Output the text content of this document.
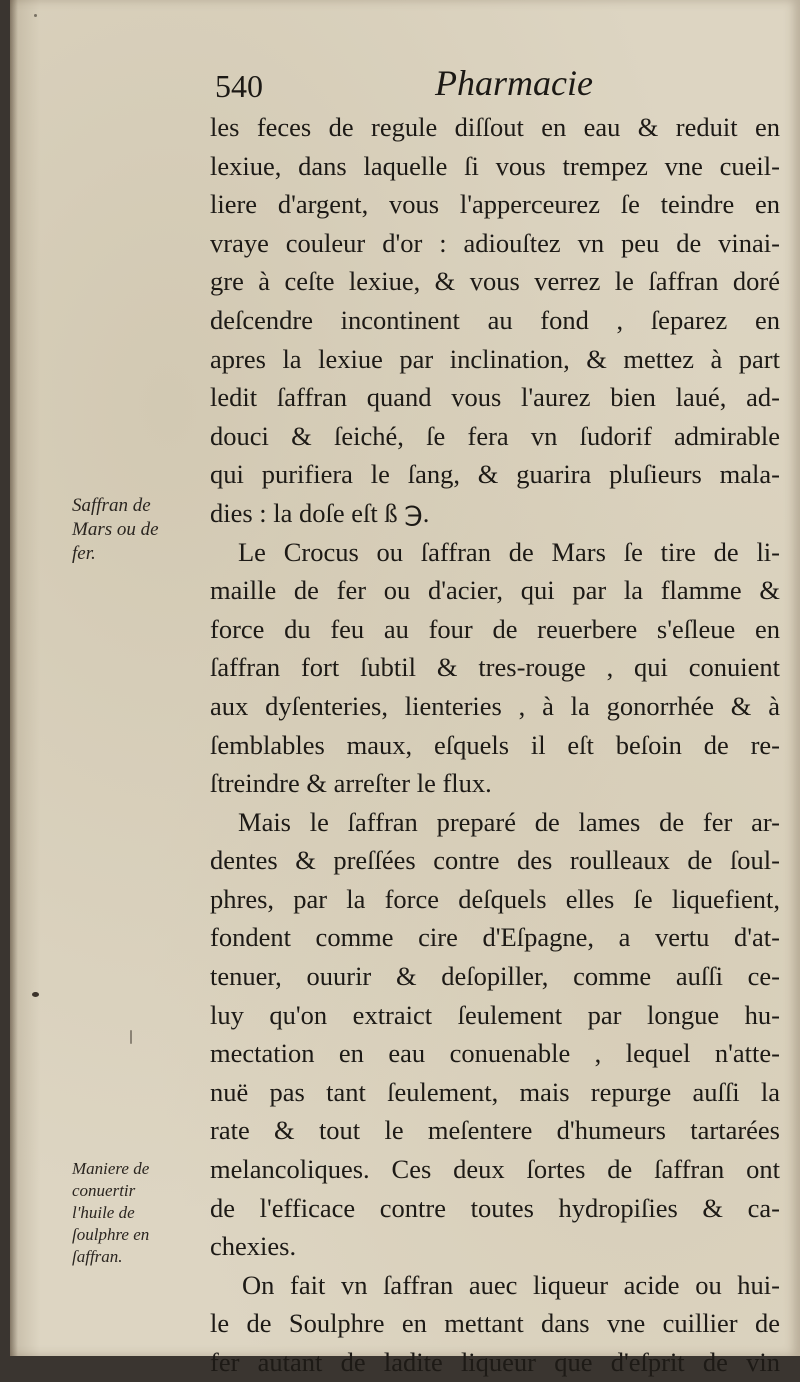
540	Pharmacie
Saffran de
Mars ou de
fer.
Maniere de
conuertir
l'huile de
ſoulphre en
ſaffran.
les feces de regule diſſout en eau & reduit en
lexiue, dans laquelle ſi vous trempez vne cueil-
liere d'argent, vous l'apperceurez ſe teindre en
vraye couleur d'or : adiouſtez vn peu de vinai-
gre à ceſte lexiue, & vous verrez le ſaffran doré
deſcendre incontinent au fond , ſeparez en
apres la lexiue par inclination, & mettez à part
ledit ſaffran quand vous l'aurez bien laué, ad-
douci & ſeiché, ſe fera vn ſudorif admirable
qui purifiera le ſang, & guarira pluſieurs mala-
dies : la doſe eſt ß ℈.
Le Crocus ou ſaffran de Mars ſe tire de li-
maille de fer ou d'acier, qui par la flamme &
force du feu au four de reuerbere s'eſleue en
ſaffran fort ſubtil & tres-rouge , qui conuient
aux dyſenteries, lienteries , à la gonorrhée & à
ſemblables maux, eſquels il eſt beſoin de re-
ſtreindre & arreſter le flux.
Mais le ſaffran preparé de lames de fer ar-
dentes & preſſées contre des roulleaux de ſoul-
phres, par la force deſquels elles ſe liquefient,
fondent comme cire d'Eſpagne, a vertu d'at-
tenuer, ouurir & deſopiller, comme auſſi ce-
luy qu'on extraict ſeulement par longue hu-
mectation en eau conuenable , lequel n'atte-
nuë pas tant ſeulement, mais repurge auſſi la
rate & tout le meſentere d'humeurs tartarées
melancoliques. Ces deux ſortes de ſaffran ont
de l'efficace contre toutes hydropiſies & ca-
chexies.
On fait vn ſaffran auec liqueur acide ou hui-
le de Soulphre en mettant dans vne cuillier de
fer autant de ladite liqueur que d'eſprit de vin
